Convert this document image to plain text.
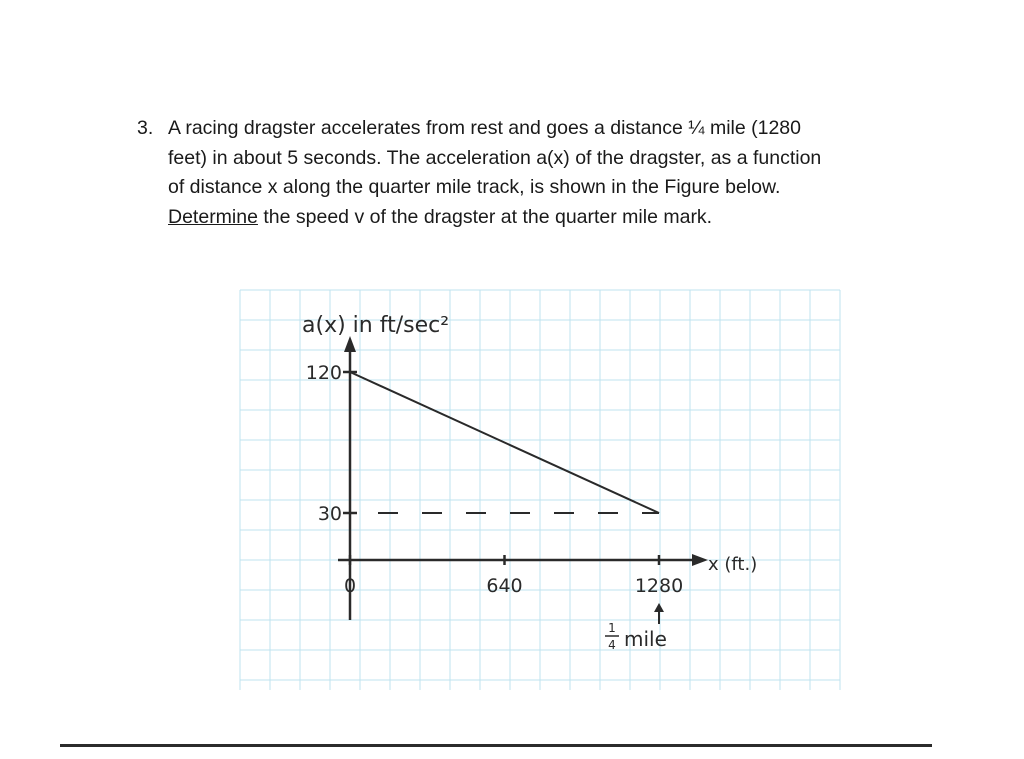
3. A racing dragster accelerates from rest and goes a distance ¼ mile (1280
feet) in about 5 seconds. The acceleration a(x) of the dragster, as a function
of distance x along the quarter mile track, is shown in the Figure below.
Determine the speed v of the dragster at the quarter mile mark.
0	640	1280
30
120
a(x) in ft/sec²
x (ft.)
1
4 mile
